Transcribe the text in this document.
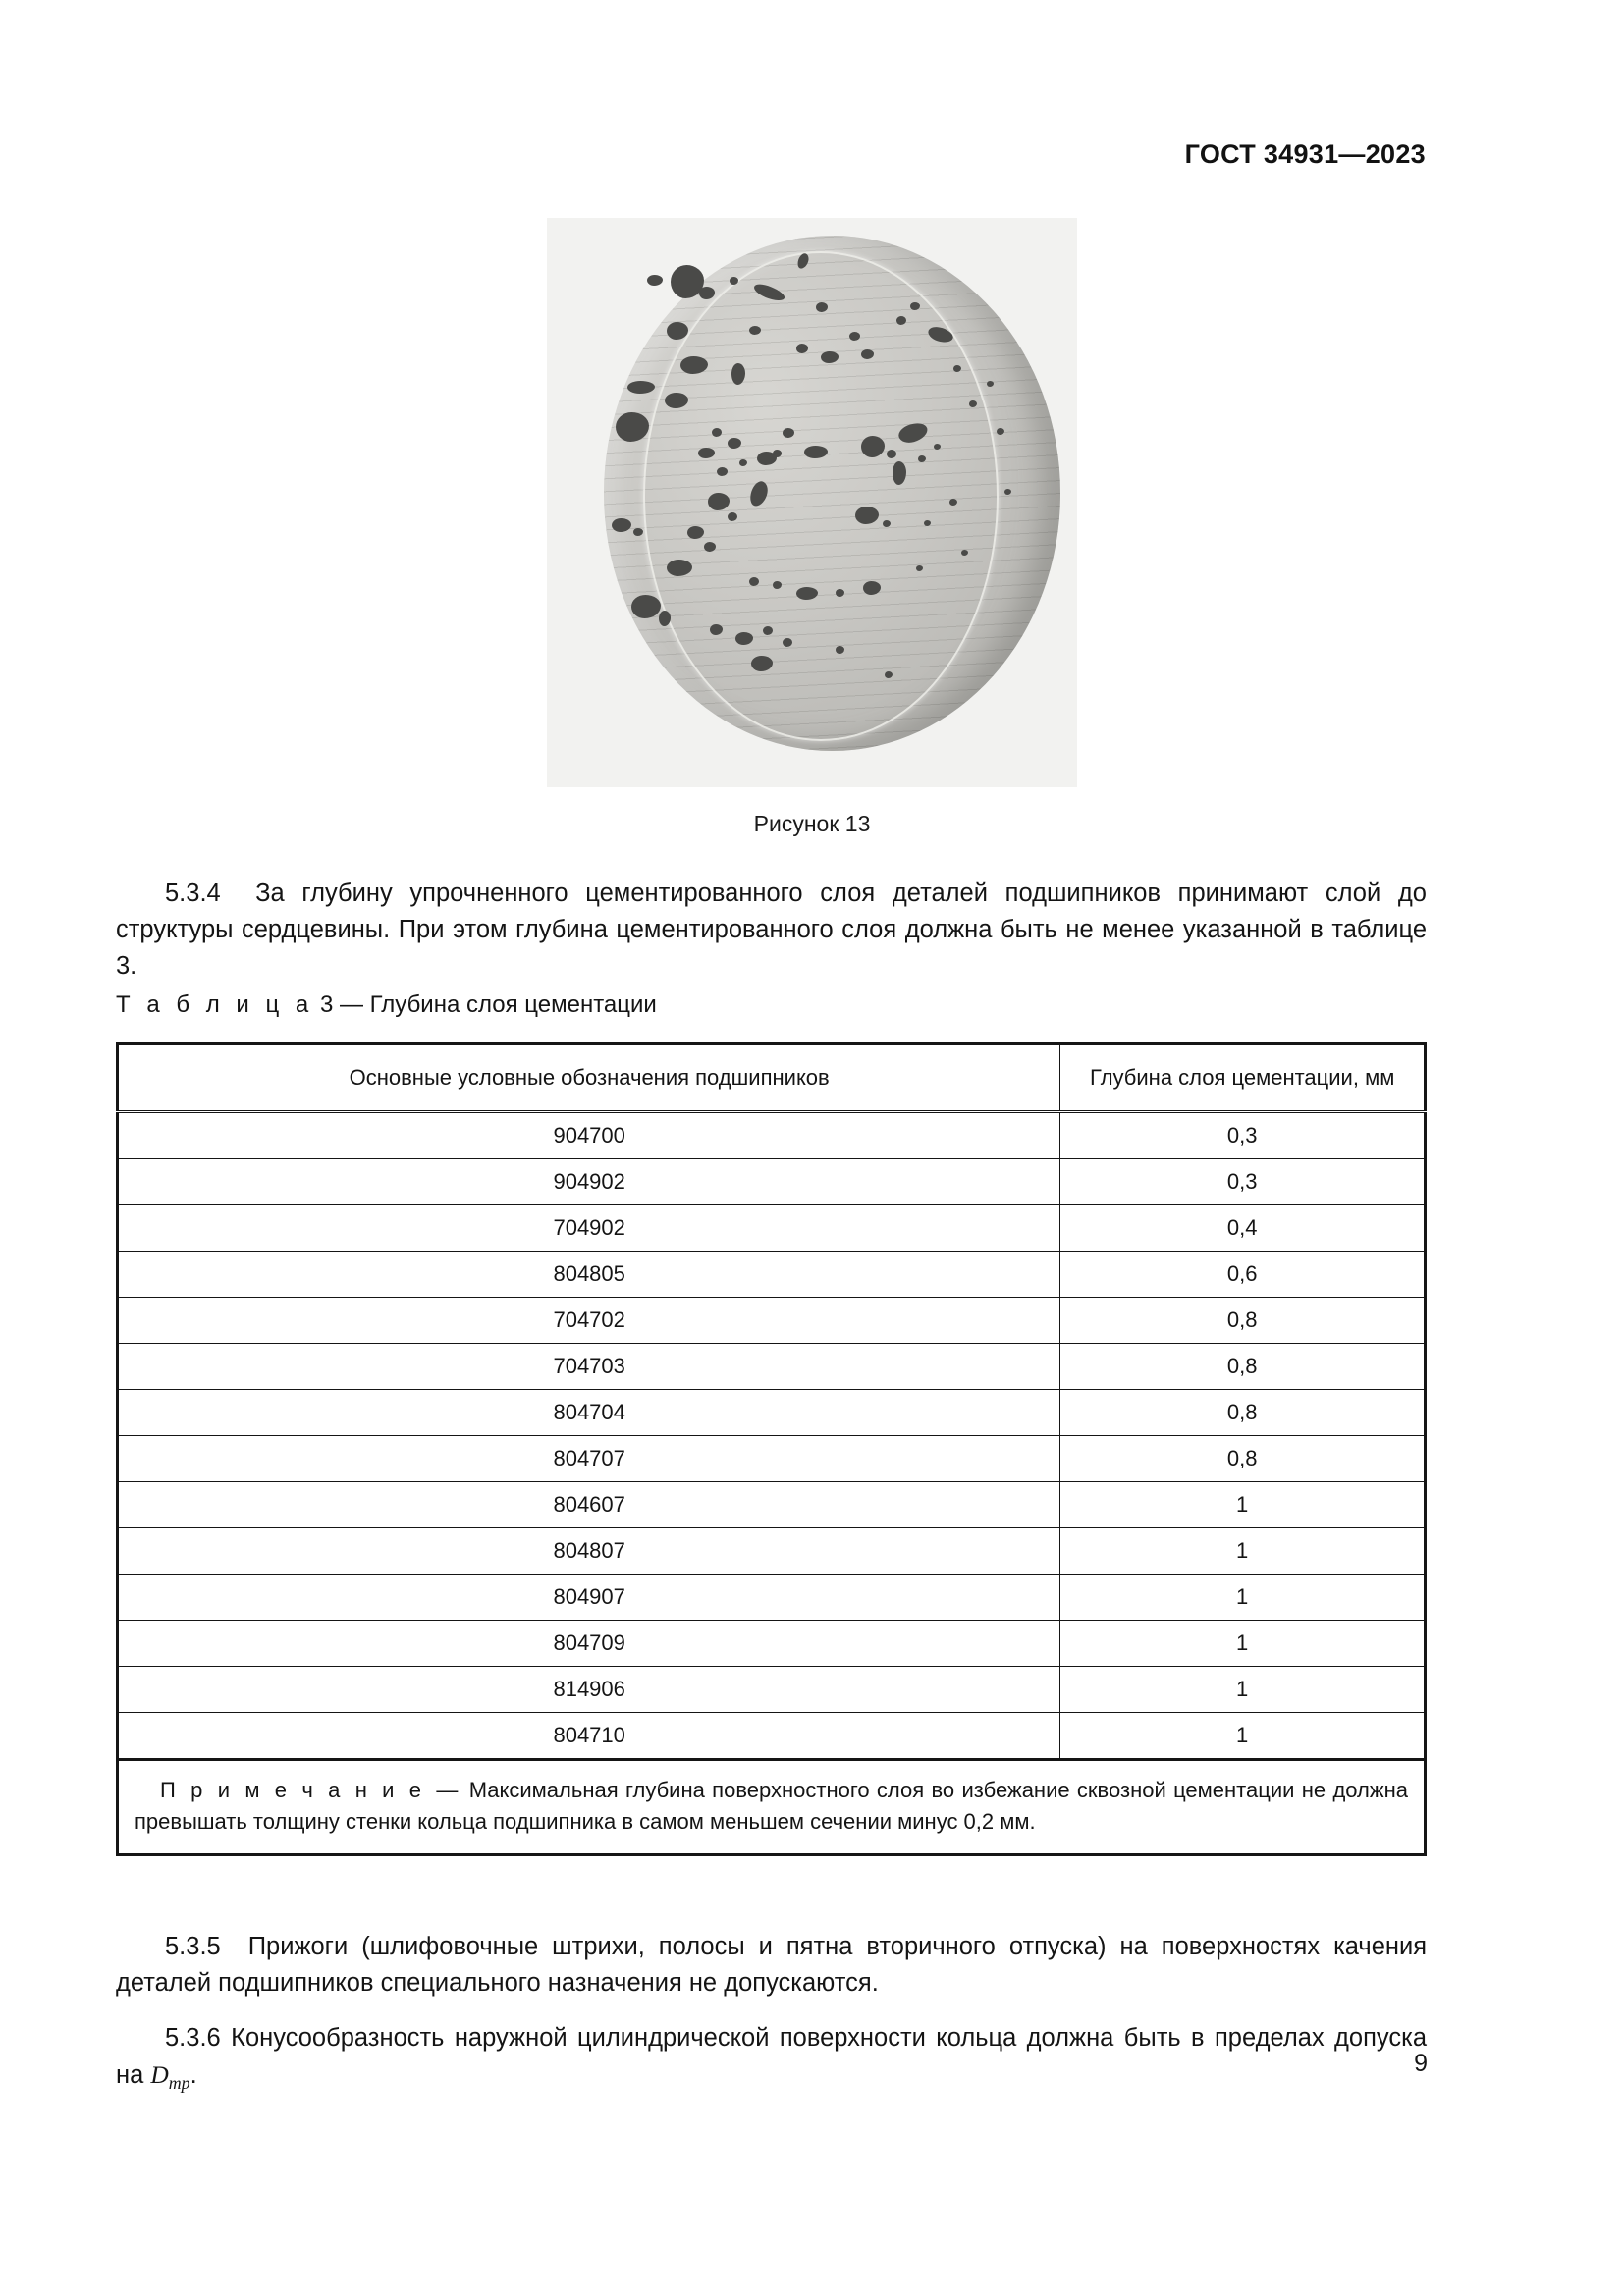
ГОСТ 34931—2023
Рисунок 13
5.3.4 За глубину упрочненного цементированного слоя деталей подшипников принимают слой до структуры сердцевины. При этом глубина цементированного слоя должна быть не менее указанной в таблице 3.
Т а б л и ц а 3 — Глубина слоя цементации
Основные условные обозначения подшипников	Глубина слоя цементации, мм
904700	0,3
904902	0,3
704902	0,4
804805	0,6
704702	0,8
704703	0,8
804704	0,8
804707	0,8
804607	1
804807	1
804907	1
804709	1
814906	1
804710	1
П р и м е ч а н и е — Максимальная глубина поверхностного слоя во избежание сквозной цементации не должна превышать толщину стенки кольца подшипника в самом меньшем сечении минус 0,2 мм.	
5.3.5 Прижоги (шлифовочные штрихи, полосы и пятна вторичного отпуска) на поверхностях качения деталей подшипников специального назначения не допускаются.
5.3.6 Конусообразность наружной цилиндрической поверхности кольца должна быть в пределах допуска на $D_{mp}$.	9
